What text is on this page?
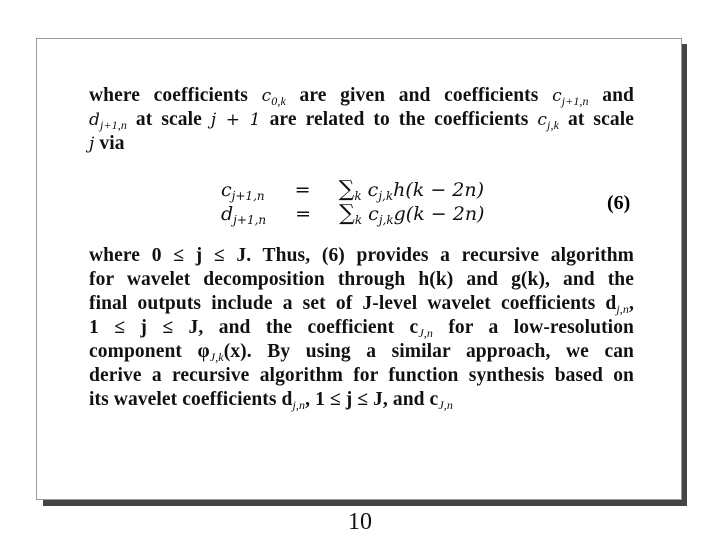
where coefficients $c_{0,k}$ are given and coefficients $c_{j+1,n}$ and
$d_{j+1,n}$ at scale j + 1 are related to the coefficients $c_{j,k}$ at scale
j via
$c_{j+1,n} = \sum_k$ $c_{j,k}h(k - 2n)$
$d_{j+1,n} = \sum_k$ $c_{j,k}g(k - 2n)$	(6)
where 0 ≤ j ≤ J. Thus, (6) provides a recursive algorithm
for wavelet decomposition through h(k) and g(k), and the
final outputs include a set of J-level wavelet coefficients $d_{j,n}$,
1 ≤ j ≤ J, and the coefficient $c_{J,n}$ for a low-resolution
component $\varphi_{J,k}(x)$. By using a similar approach, we can
derive a recursive algorithm for function synthesis based on
its wavelet coefficients $d_{j,n}$, 1 ≤ j ≤ J, and $c_{J,n}$
10
